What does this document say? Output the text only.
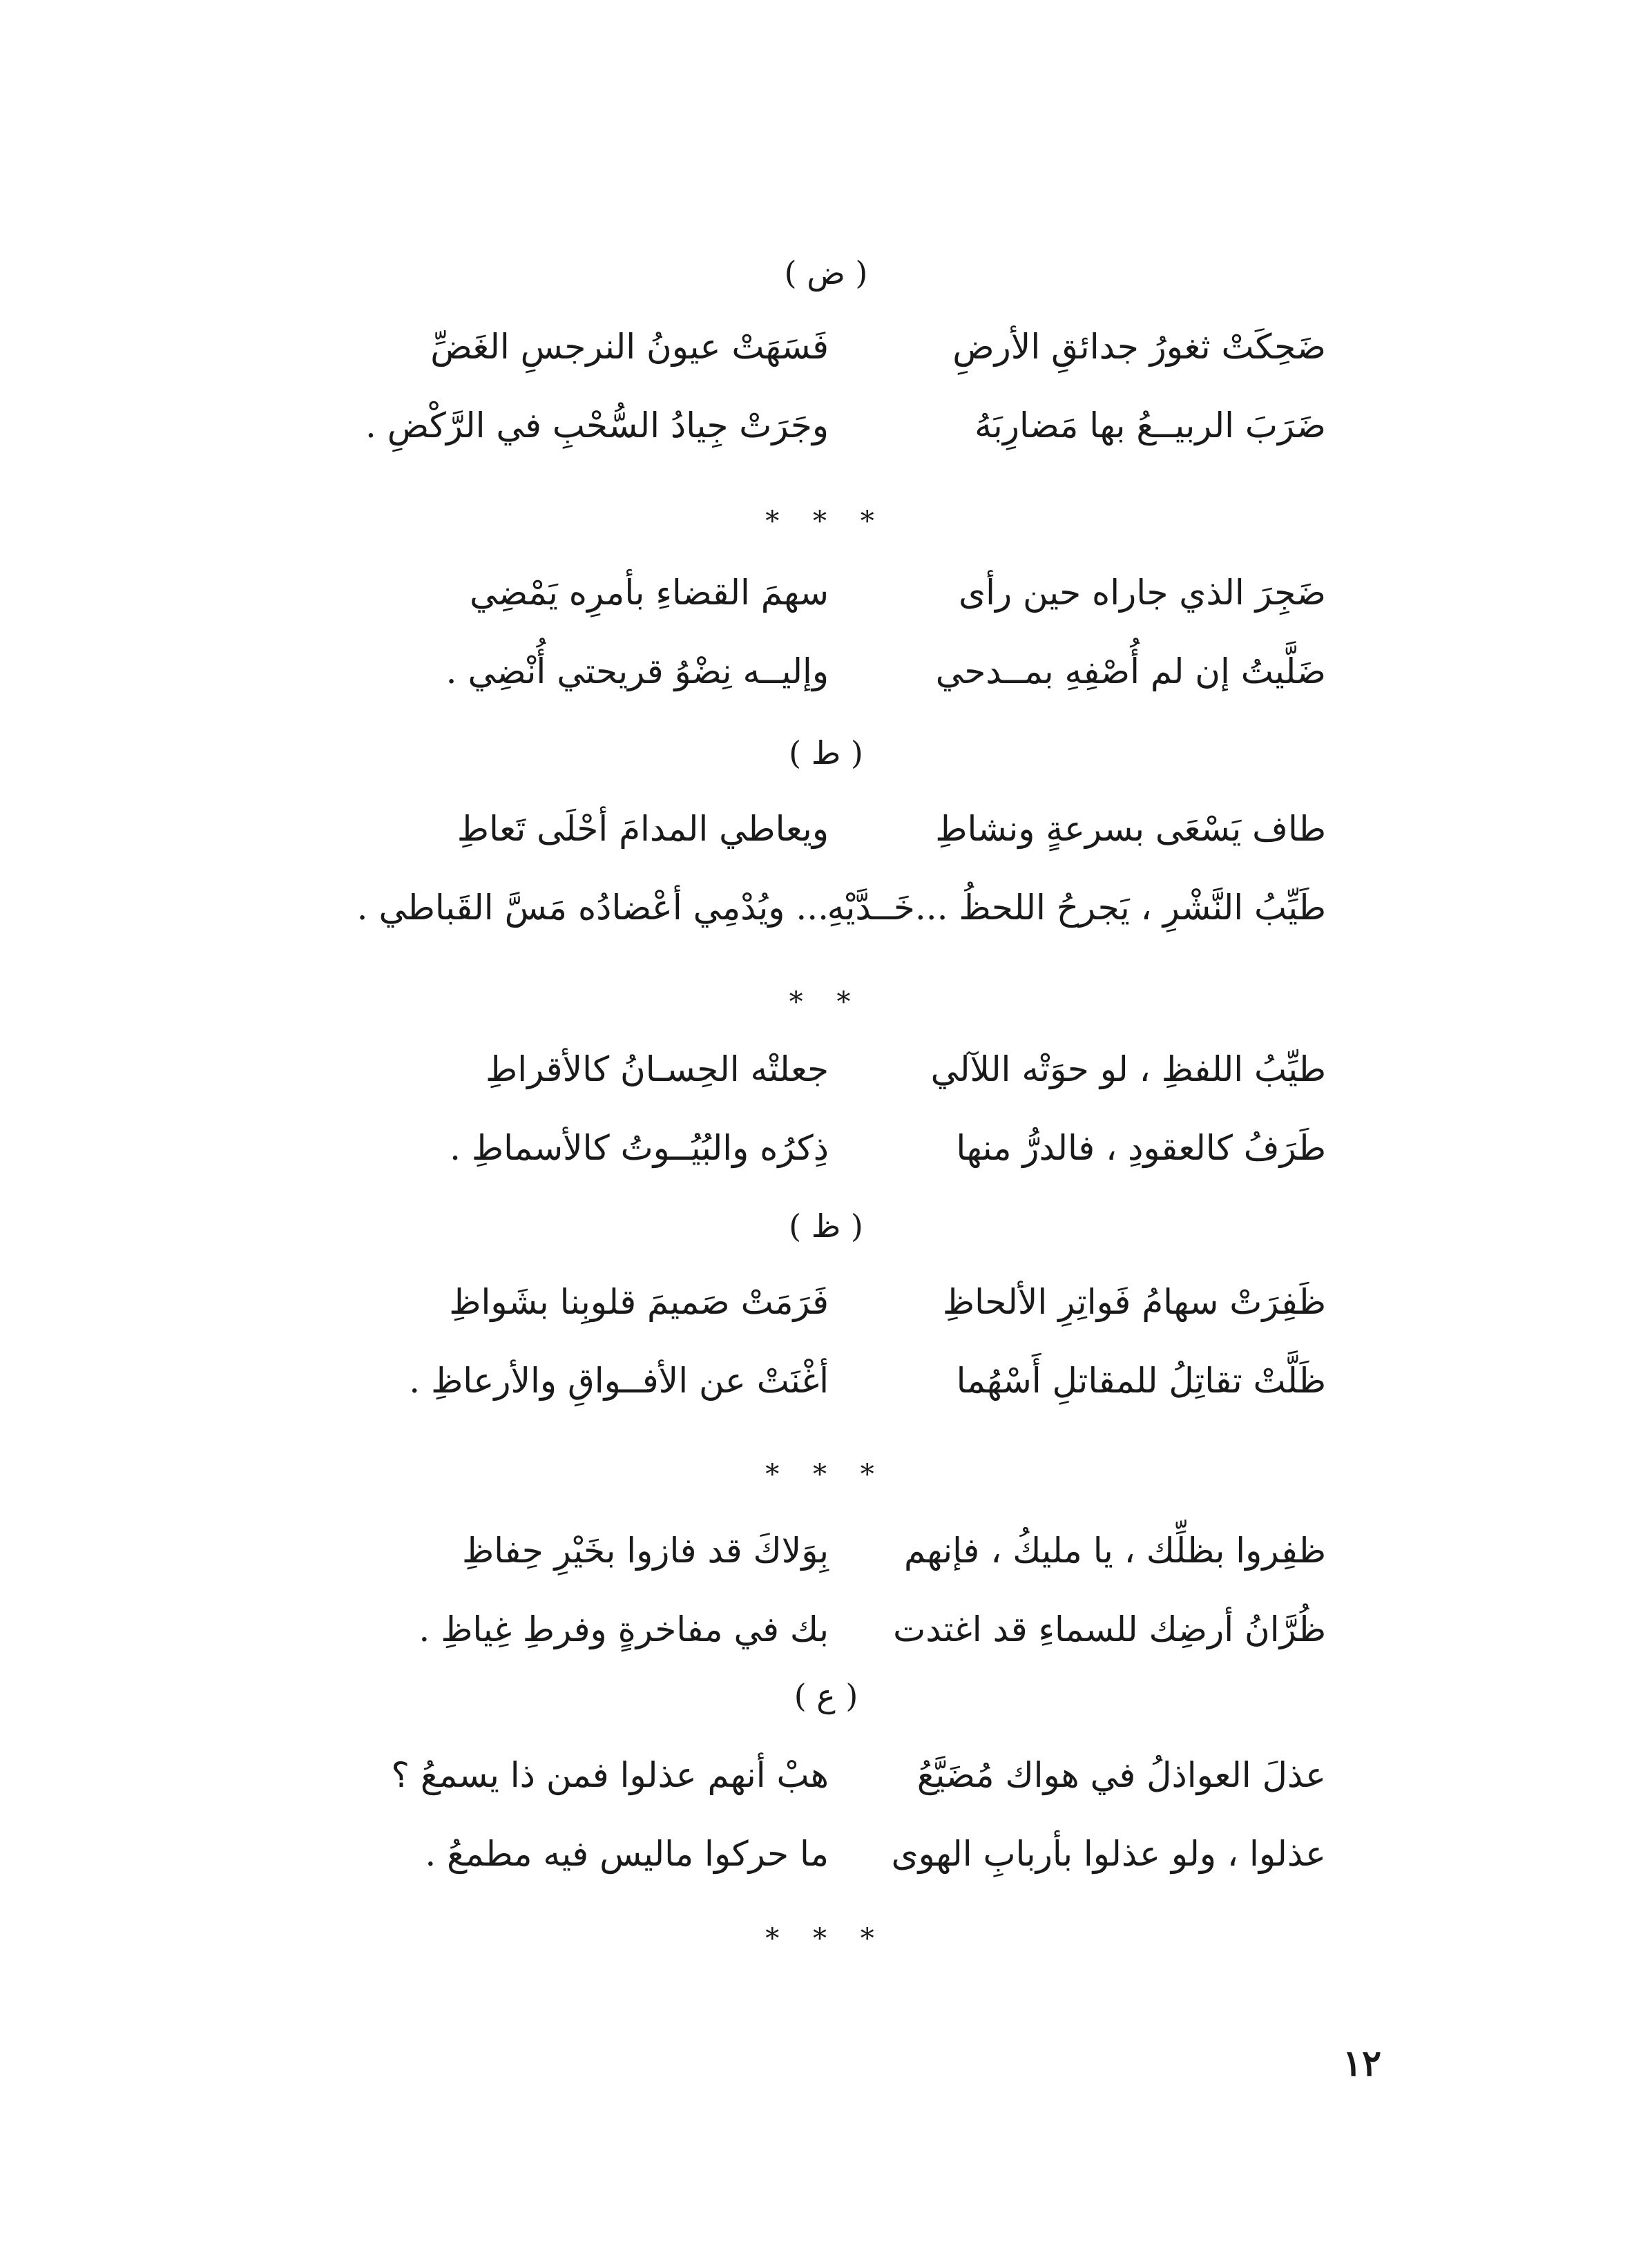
( ض )
ضَحِكَتْ ثغورُ جدائقِ الأرضِ
فَسَهَتْ عيونُ النرجسِ الغَضِّ
ضَرَبَ الربيــعُ بها مَضارِبَهُ
وجَرَتْ جِيادُ السُّحْبِ في الرَّكْضِ .
* * *
ضَجِرَ الذي جاراه حين رأى
سهمَ القضاءِ بأمرِه يَمْضِي
ضَلَّيتُ إن لم أُصْفِهِ بمــدحي
وإليــه نِضْوُ قريحتي أُنْضِي .
( ط )
طاف يَسْعَى بسرعةٍ ونشاطِ
ويعاطي المدامَ أحْلَى تَعاطِ
طَيِّبُ النَّشْرِ ، يَجرحُ اللحظُ ...خَــدَّيْهِ
... ويُدْمِي أعْضادُه مَسَّ القَباطي .
* *
طيِّبُ اللفظِ ، لو حوَتْه اللآلي
جعلتْه الحِسـانُ كالأقراطِ
طَرَفُ كالعقودِ ، فالدرُّ منها
ذِكرُه والبُيُــوتُ كالأسماطِ .
( ظ )
ظَفِرَتْ سهامُ فَواتِرِ الألحاظِ
فَرَمَتْ صَميمَ قلوبِنا بشَواظِ
ظَلَّتْ تقاتِلُ للمقاتلِ أَسْهُما
أغْنَتْ عن الأفــواقِ والأرعاظِ .
* * *
ظفِروا بظلِّك ، يا مليكُ ، فإنهم
بِوَلاكَ قد فازوا بخَيْرِ حِفاظِ
ظُرَّانُ أرضِك للسماءِ قد اغتدت
بك في مفاخرةٍ وفرطِ غِياظِ .
( ع )
عذلَ العواذلُ في هواك مُضَيَّعُ
هبْ أنهم عذلوا فمن ذا يسمعُ ؟
عذلوا ، ولو عذلوا بأربابِ الهوى
ما حركوا ماليس فيه مطمعُ .
* * *
١٢
